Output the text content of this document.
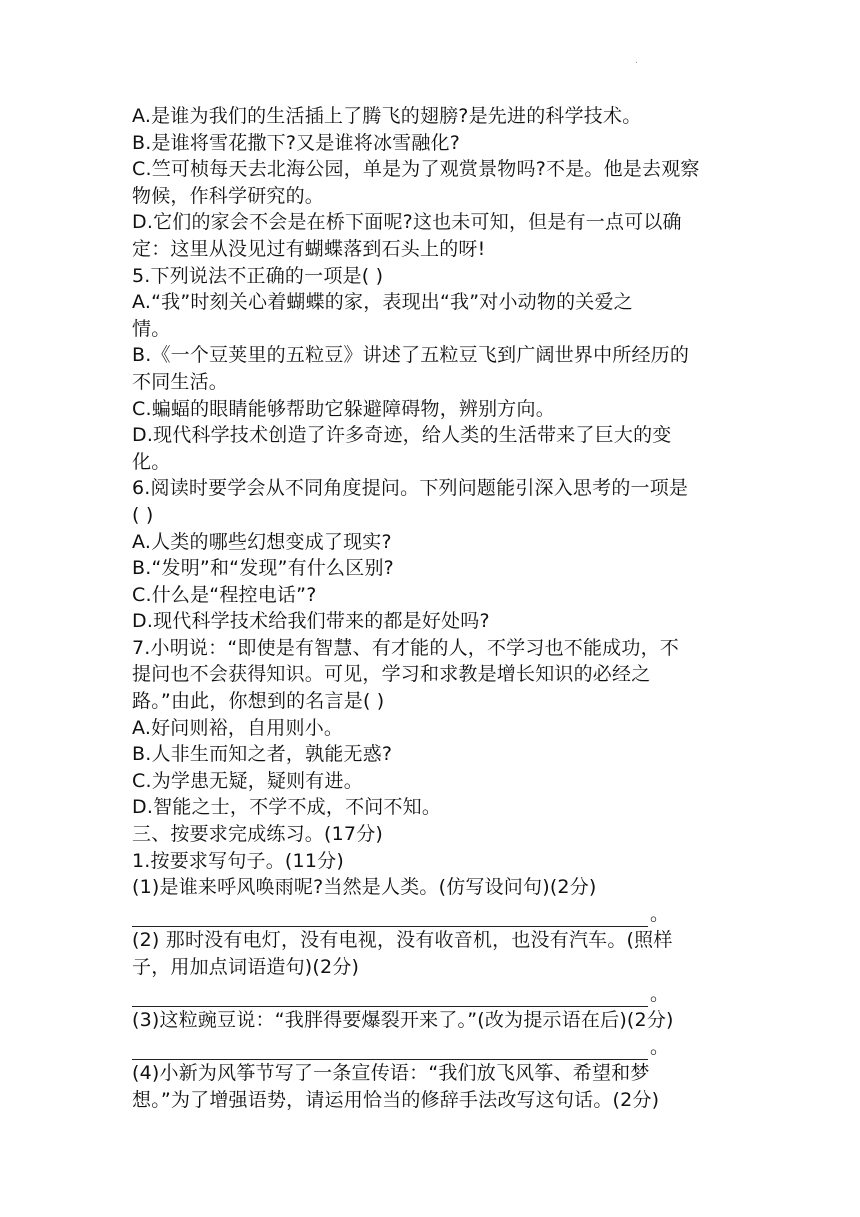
.
A.是谁为我们的生活插上了腾飞的翅膀?是先进的科学技术。
B.是谁将雪花撒下?又是谁将冰雪融化?
C.竺可桢每天去北海公园，单是为了观赏景物吗?不是。他是去观察
物候，作科学研究的。
D.它们的家会不会是在桥下面呢?这也未可知，但是有一点可以确
定：这里从没见过有蝴蝶落到石头上的呀!
5.下列说法不正确的一项是( )
A.“我”时刻关心着蝴蝶的家，表现出“我”对小动物的关爱之
情。
B.《一个豆荚里的五粒豆》讲述了五粒豆飞到广阔世界中所经历的
不同生活。
C.蝙蝠的眼睛能够帮助它躲避障碍物，辨别方向。
D.现代科学技术创造了许多奇迹，给人类的生活带来了巨大的变
化。
6.阅读时要学会从不同角度提问。下列问题能引深入思考的一项是
( )
A.人类的哪些幻想变成了现实?
B.“发明”和“发现”有什么区别?
C.什么是“程控电话”?
D.现代科学技术给我们带来的都是好处吗?
7.小明说：“即使是有智慧、有才能的人，不学习也不能成功，不
提问也不会获得知识。可见，学习和求教是增长知识的必经之
路。”由此，你想到的名言是( )
A.好问则裕，自用则小。
B.人非生而知之者，孰能无惑?
C.为学患无疑，疑则有进。
D.智能之士，不学不成，不问不知。
三、按要求完成练习。(17分)
1.按要求写句子。(11分)
(1)是谁来呼风唤雨呢?当然是人类。(仿写设问句)(2分)
。
(2) 那时没有电灯，没有电视，没有收音机，也没有汽车。(照样
子，用加点词语造句)(2分)
。
(3)这粒豌豆说：“我胖得要爆裂开来了。”(改为提示语在后)(2分)
。
(4)小新为风筝节写了一条宣传语：“我们放飞风筝、希望和梦
想。”为了增强语势，请运用恰当的修辞手法改写这句话。(2分)
